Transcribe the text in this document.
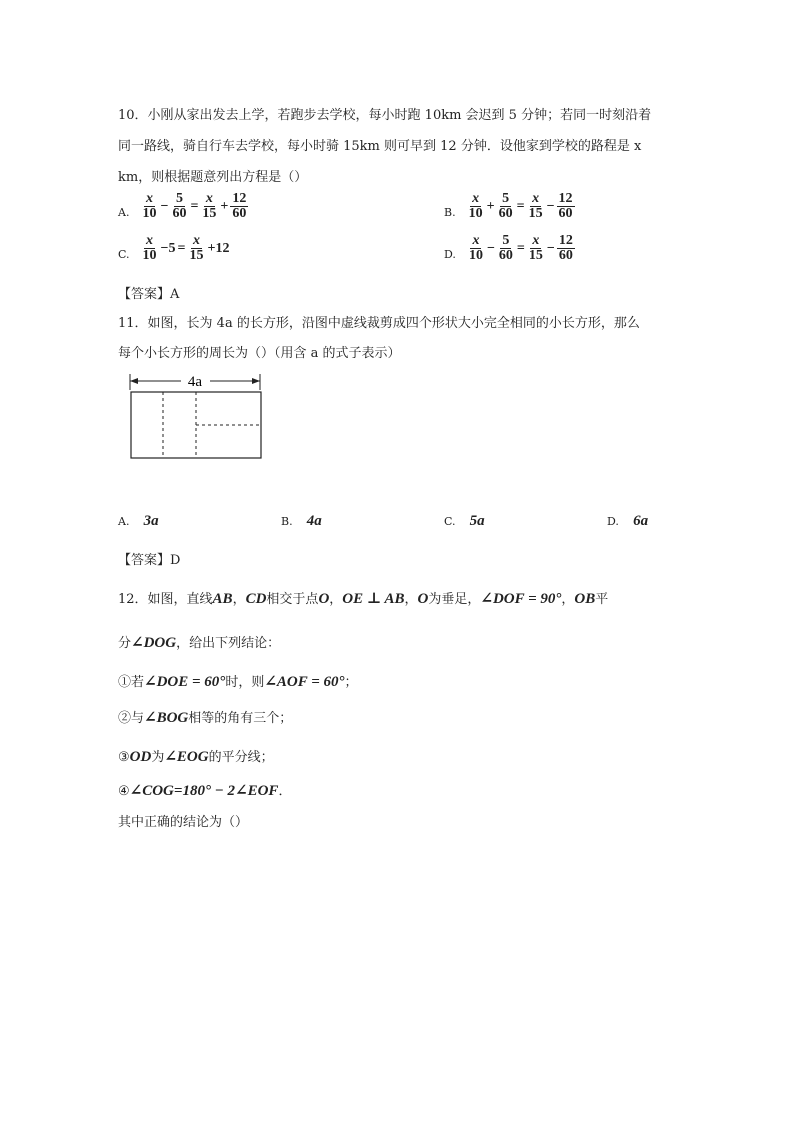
10．小刚从家出发去上学，若跑步去学校，每小时跑 10km 会迟到 5 分钟；若同一时刻沿着
同一路线，骑自行车去学校，每小时骑 15km 则可早到 12 分钟．设他家到学校的路程是 x
km，则根据题意列出方程是（）
A. $\frac{x}{10} - \frac{5}{60} = \frac{x}{15} + \frac{12}{60}$	B. $\frac{x}{10} + \frac{5}{60} = \frac{x}{15} - \frac{12}{60}$
C. $\frac{x}{10} -5 = \frac{x}{15} +12$	D. $\frac{x}{10} - \frac{5}{60} = \frac{x}{15} - \frac{12}{60}$
【答案】A
11．如图，长为 4a 的长方形，沿图中虚线裁剪成四个形状大小完全相同的小长方形，那么
每个小长方形的周长为（）（用含 a 的式子表示）
4a
A. 3a	B. 4a	C. 5a	D. 6a
【答案】D
12．如图，直线AB，CD相交于点O，OE ⊥ AB，O为垂足，∠DOF = 90°，OB平
分∠DOG，给出下列结论：
①若∠DOE = 60°时，则∠AOF = 60°；
②与∠BOG相等的角有三个；
③OD为∠EOG的平分线；
④∠COG=180° − 2∠EOF．
其中正确的结论为（）
